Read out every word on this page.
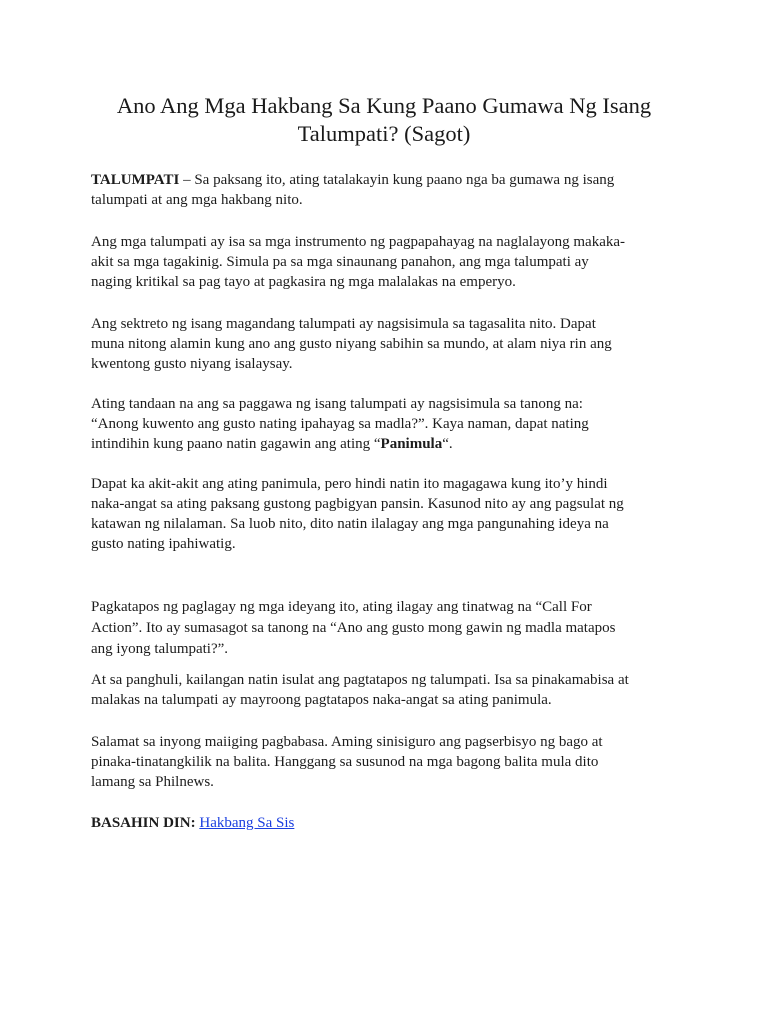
Ano Ang Mga Hakbang Sa Kung Paano Gumawa Ng Isang
Talumpati? (Sagot)

TALUMPATI – Sa paksang ito, ating tatalakayin kung paano nga ba gumawa ng isang
talumpati at ang mga hakbang nito.

Ang mga talumpati ay isa sa mga instrumento ng pagpapahayag na naglalayong makaka-
akit sa mga tagakinig. Simula pa sa mga sinaunang panahon, ang mga talumpati ay
naging kritikal sa pag tayo at pagkasira ng mga malalakas na emperyo.

Ang sektreto ng isang magandang talumpati ay nagsisimula sa tagasalita nito. Dapat
muna nitong alamin kung ano ang gusto niyang sabihin sa mundo, at alam niya rin ang
kwentong gusto niyang isalaysay.

Ating tandaan na ang sa paggawa ng isang talumpati ay nagsisimula sa tanong na:
“Anong kuwento ang gusto nating ipahayag sa madla?”. Kaya naman, dapat nating
intindihin kung paano natin gagawin ang ating “Panimula“.

Dapat ka akit-akit ang ating panimula, pero hindi natin ito magagawa kung ito’y hindi
naka-angat sa ating paksang gustong pagbigyan pansin. Kasunod nito ay ang pagsulat ng
katawan ng nilalaman. Sa luob nito, dito natin ilalagay ang mga pangunahing ideya na
gusto nating ipahiwatig.

Pagkatapos ng paglagay ng mga ideyang ito, ating ilagay ang tinatwag na “Call For
Action”. Ito ay sumasagot sa tanong na “Ano ang gusto mong gawin ng madla matapos
ang iyong talumpati?”.

At sa panghuli, kailangan natin isulat ang pagtatapos ng talumpati. Isa sa pinakamabisa at
malakas na talumpati ay mayroong pagtatapos naka-angat sa ating panimula.

Salamat sa inyong maiiging pagbabasa. Aming sinisiguro ang pagserbisyo ng bago at
pinaka-tinatangkilik na balita. Hanggang sa susunod na mga bagong balita mula dito
lamang sa Philnews.

BASAHIN DIN: Hakbang Sa Sis
